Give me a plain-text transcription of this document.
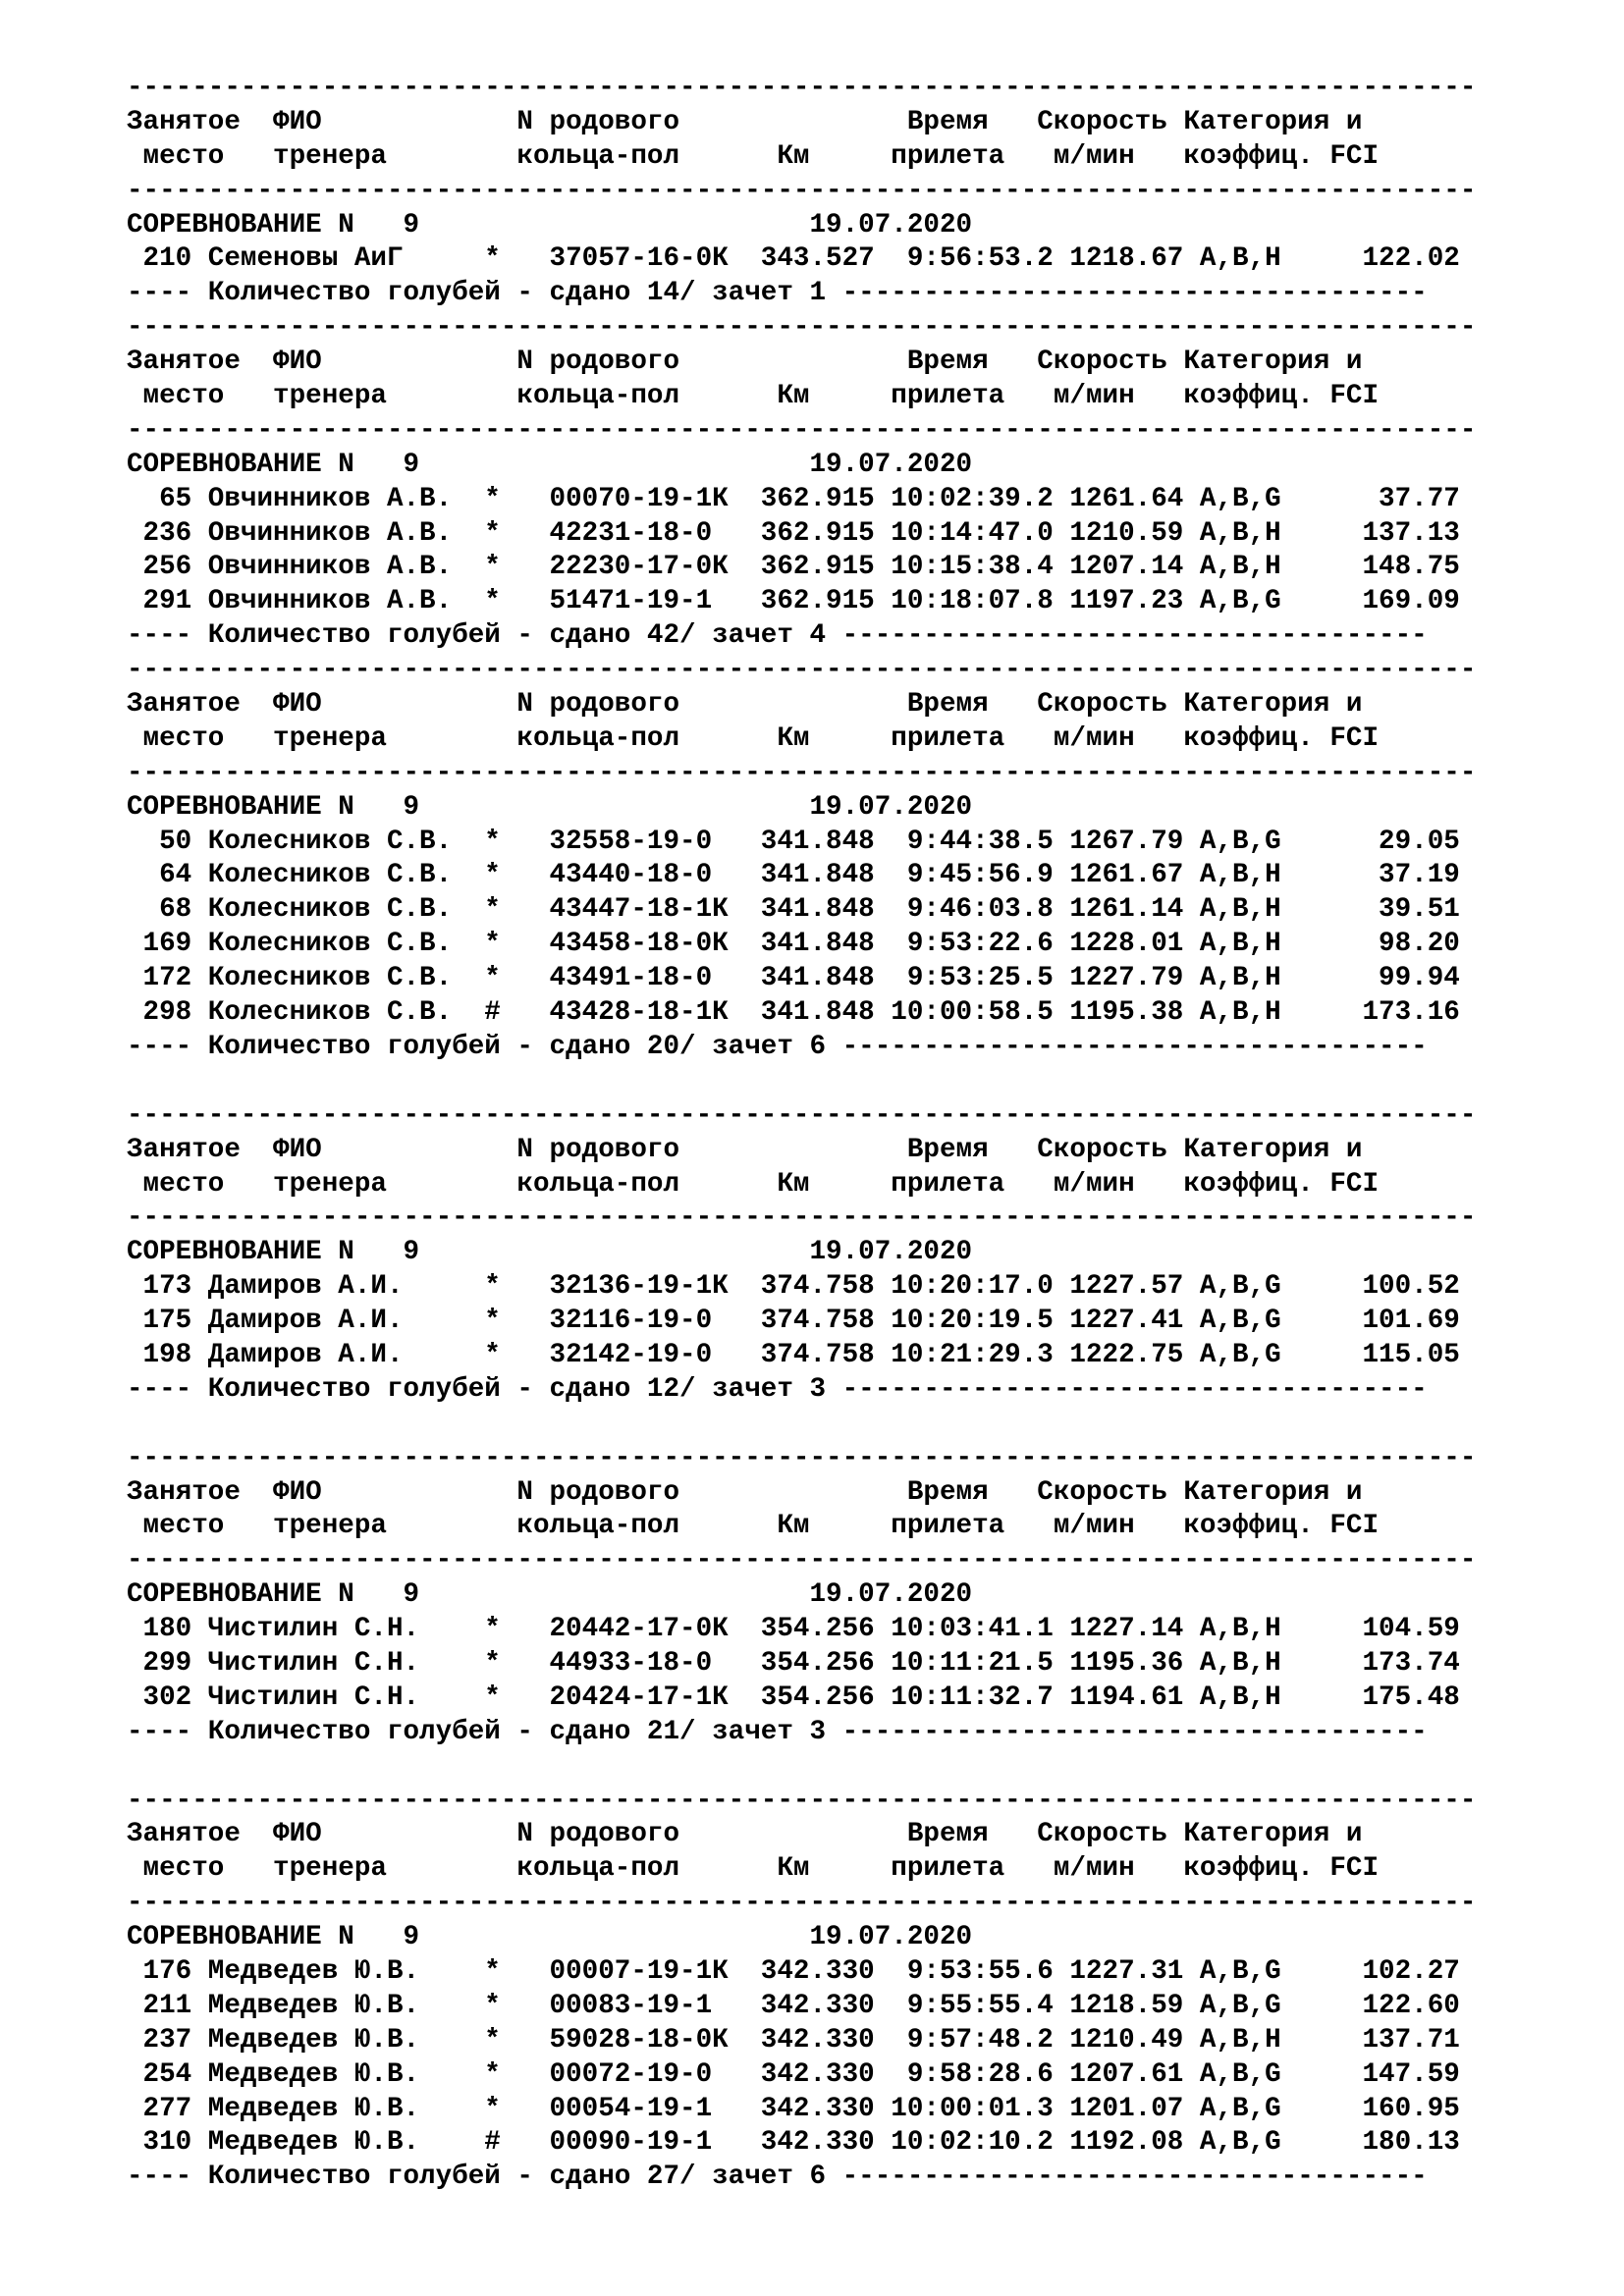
-----------------------------------------------------------------------------------
Занятое  ФИО            N родового              Время   Скорость Категория и
место   тренера        кольца-пол      Км     прилета   м/мин   коэффиц. FCI
-----------------------------------------------------------------------------------
СОРЕВНОВАНИЕ N   9                        19.07.2020
210 Семеновы АиГ     *   37057-16-0К  343.527  9:56:53.2 1218.67 A,B,H     122.02
---- Количество голубей - сдано 14/ зачет 1 ------------------------------------
-----------------------------------------------------------------------------------
Занятое  ФИО            N родового              Время   Скорость Категория и
место   тренера        кольца-пол      Км     прилета   м/мин   коэффиц. FCI
-----------------------------------------------------------------------------------
СОРЕВНОВАНИЕ N   9                        19.07.2020
65 Овчинников А.В.  *   00070-19-1К  362.915 10:02:39.2 1261.64 A,B,G      37.77
236 Овчинников А.В.  *   42231-18-0   362.915 10:14:47.0 1210.59 A,B,H     137.13
256 Овчинников А.В.  *   22230-17-0К  362.915 10:15:38.4 1207.14 A,B,H     148.75
291 Овчинников А.В.  *   51471-19-1   362.915 10:18:07.8 1197.23 A,B,G     169.09
---- Количество голубей - сдано 42/ зачет 4 ------------------------------------
-----------------------------------------------------------------------------------
Занятое  ФИО            N родового              Время   Скорость Категория и
место   тренера        кольца-пол      Км     прилета   м/мин   коэффиц. FCI
-----------------------------------------------------------------------------------
СОРЕВНОВАНИЕ N   9                        19.07.2020
50 Колесников С.В.  *   32558-19-0   341.848  9:44:38.5 1267.79 A,B,G      29.05
64 Колесников С.В.  *   43440-18-0   341.848  9:45:56.9 1261.67 A,B,H      37.19
68 Колесников С.В.  *   43447-18-1К  341.848  9:46:03.8 1261.14 A,B,H      39.51
169 Колесников С.В.  *   43458-18-0К  341.848  9:53:22.6 1228.01 A,B,H      98.20
172 Колесников С.В.  *   43491-18-0   341.848  9:53:25.5 1227.79 A,B,H      99.94
298 Колесников С.В.  #   43428-18-1К  341.848 10:00:58.5 1195.38 A,B,H     173.16
---- Количество голубей - сдано 20/ зачет 6 ------------------------------------
-----------------------------------------------------------------------------------
Занятое  ФИО            N родового              Время   Скорость Категория и
место   тренера        кольца-пол      Км     прилета   м/мин   коэффиц. FCI
-----------------------------------------------------------------------------------
СОРЕВНОВАНИЕ N   9                        19.07.2020
173 Дамиров А.И.     *   32136-19-1К  374.758 10:20:17.0 1227.57 A,B,G     100.52
175 Дамиров А.И.     *   32116-19-0   374.758 10:20:19.5 1227.41 A,B,G     101.69
198 Дамиров А.И.     *   32142-19-0   374.758 10:21:29.3 1222.75 A,B,G     115.05
---- Количество голубей - сдано 12/ зачет 3 ------------------------------------
-----------------------------------------------------------------------------------
Занятое  ФИО            N родового              Время   Скорость Категория и
место   тренера        кольца-пол      Км     прилета   м/мин   коэффиц. FCI
-----------------------------------------------------------------------------------
СОРЕВНОВАНИЕ N   9                        19.07.2020
180 Чистилин С.Н.    *   20442-17-0К  354.256 10:03:41.1 1227.14 A,B,H     104.59
299 Чистилин С.Н.    *   44933-18-0   354.256 10:11:21.5 1195.36 A,B,H     173.74
302 Чистилин С.Н.    *   20424-17-1К  354.256 10:11:32.7 1194.61 A,B,H     175.48
---- Количество голубей - сдано 21/ зачет 3 ------------------------------------
-----------------------------------------------------------------------------------
Занятое  ФИО            N родового              Время   Скорость Категория и
место   тренера        кольца-пол      Км     прилета   м/мин   коэффиц. FCI
-----------------------------------------------------------------------------------
СОРЕВНОВАНИЕ N   9                        19.07.2020
176 Медведев Ю.В.    *   00007-19-1К  342.330  9:53:55.6 1227.31 A,B,G     102.27
211 Медведев Ю.В.    *   00083-19-1   342.330  9:55:55.4 1218.59 A,B,G     122.60
237 Медведев Ю.В.    *   59028-18-0К  342.330  9:57:48.2 1210.49 A,B,H     137.71
254 Медведев Ю.В.    *   00072-19-0   342.330  9:58:28.6 1207.61 A,B,G     147.59
277 Медведев Ю.В.    *   00054-19-1   342.330 10:00:01.3 1201.07 A,B,G     160.95
310 Медведев Ю.В.    #   00090-19-1   342.330 10:02:10.2 1192.08 A,B,G     180.13
---- Количество голубей - сдано 27/ зачет 6 ------------------------------------
